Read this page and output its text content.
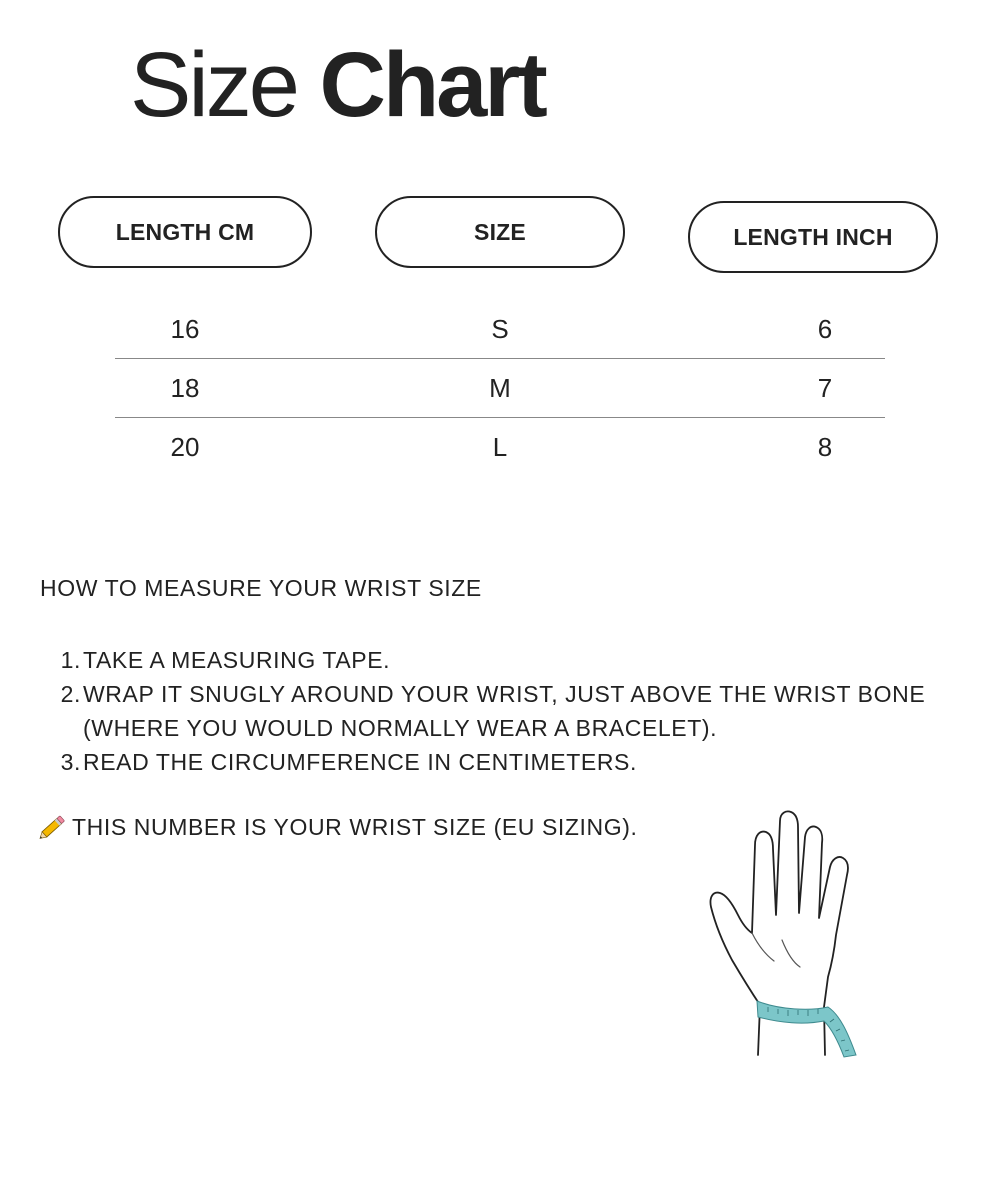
Size Chart
LENGTH CM	SIZE	LENGTH INCH
16	S	6
18	M	7
20	L	8
HOW TO MEASURE YOUR WRIST SIZE
1. TAKE A MEASURING TAPE.
2. WRAP IT SNUGLY AROUND YOUR WRIST, JUST ABOVE THE WRIST BONE (WHERE YOU WOULD NORMALLY WEAR A BRACELET).
3. READ THE CIRCUMFERENCE IN CENTIMETERS.
THIS NUMBER IS YOUR WRIST SIZE (EU SIZING).
